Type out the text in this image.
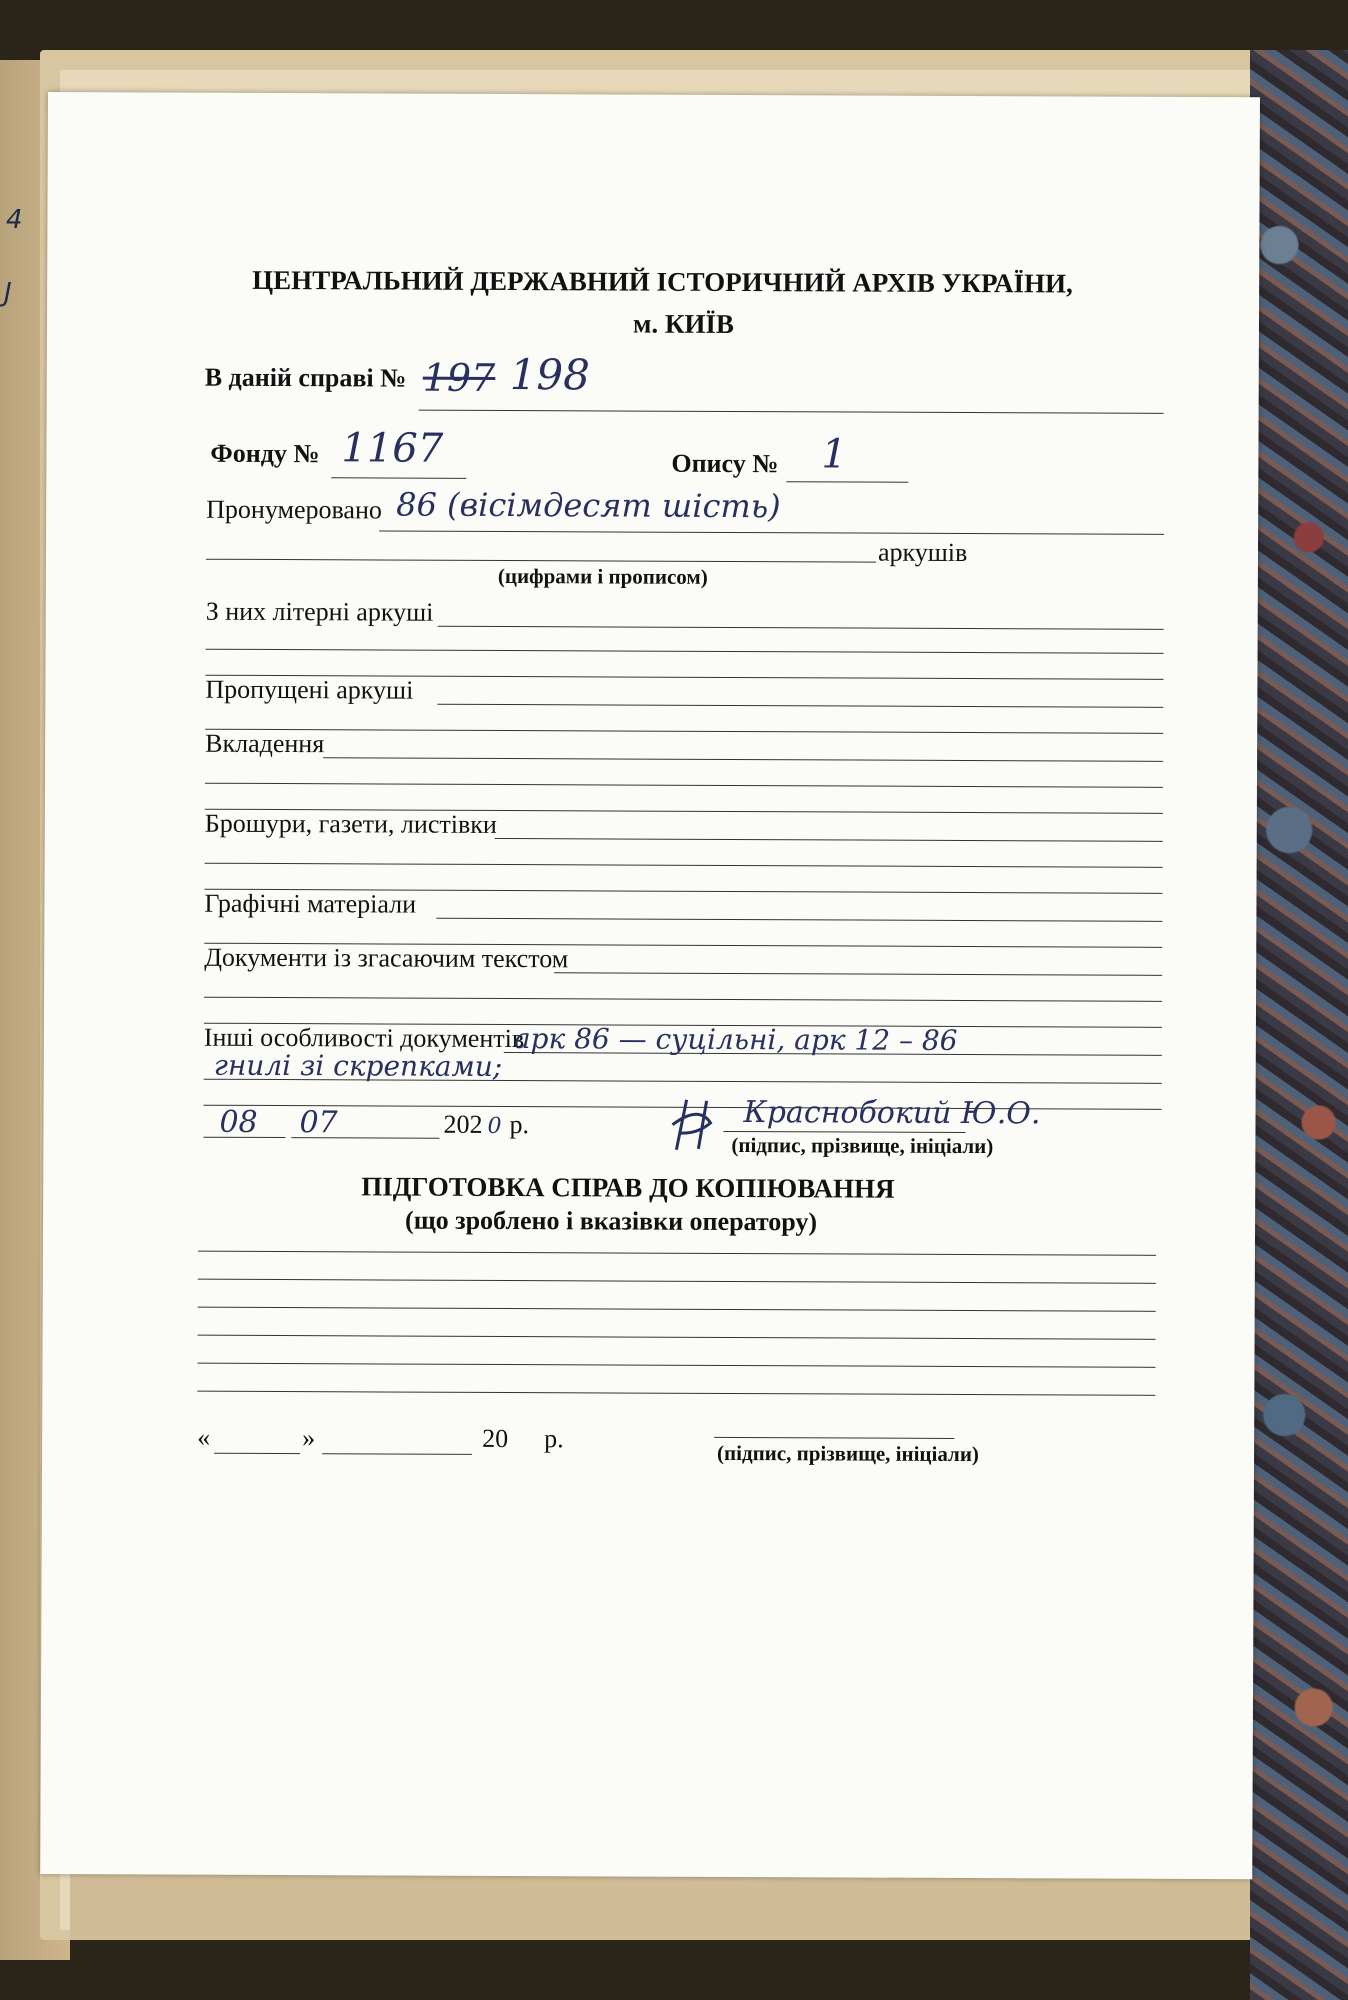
4
J	ЦЕНТРАЛЬНИЙ ДЕРЖАВНИЙ ІСТОРИЧНИЙ АРХІВ УКРАЇНИ,
м. КИЇВ
В даній справі № 197 198
Фонду № 1167	Опису № 1
Пронумеровано 86 (вісімдесят шість)
аркушів
(цифрами і прописом)
З них літерні аркуші
Пропущені аркуші
Вкладення
Брошури, газети, листівки
Графічні матеріали
Документи із згасаючим текстом
Інші особливості документів
арк 86 — суцільні, арк 12 – 86
гнилі зі скрепками;
08 07	202 0 р.	Краснобокий Ю.О.
(підпис, прізвище, ініціали)
ПІДГОТОВКА СПРАВ ДО КОПІЮВАННЯ
(що зроблено і вказівки оператору)
«	»	20 р.
(підпис, прізвище, ініціали)
